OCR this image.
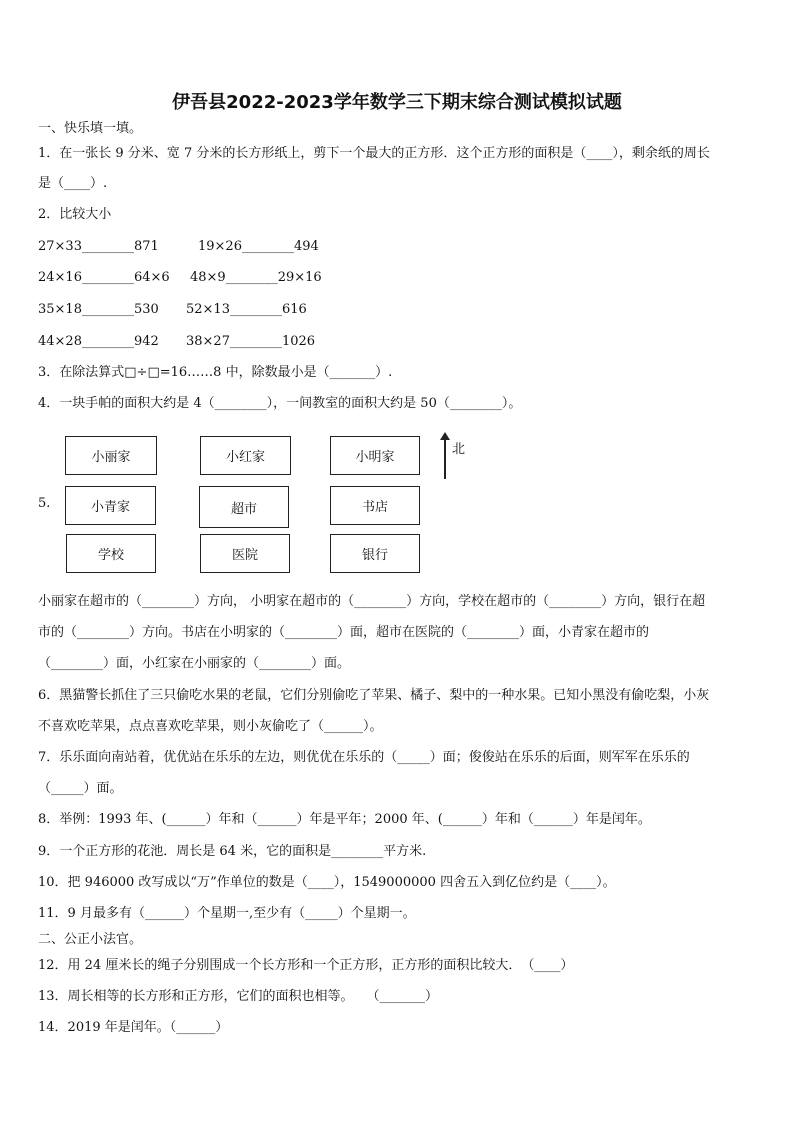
伊吾县2022-2023学年数学三下期末综合测试模拟试题
一、快乐填一填。
1．在一张长 9 分米、宽 7 分米的长方形纸上，剪下一个最大的正方形．这个正方形的面积是（____），剩余纸的周长
是（____）.
2．比较大小
27×33________871	19×26________494
24×16________64×6 48×9________29×16
35×18________530 52×13________616
44×28________942 38×27________1026
3．在除法算式□÷□=16……8 中，除数最小是（_______）.
4．一块手帕的面积大约是 4（________），一间教室的面积大约是 50（________）。
5.
小丽家	小红家	小明家
小青家	超市	书店
学校	医院	银行
北
小丽家在超市的（________）方向， 小明家在超市的（________）方向，学校在超市的（________）方向，银行在超
市的（________）方向。书店在小明家的（________）面，超市在医院的（________）面，小青家在超市的
（________）面，小红家在小丽家的（________）面。
6．黑猫警长抓住了三只偷吃水果的老鼠，它们分别偷吃了苹果、橘子、梨中的一种水果。已知小黑没有偷吃梨，小灰
不喜欢吃苹果，点点喜欢吃苹果，则小灰偷吃了（______）。
7．乐乐面向南站着，优优站在乐乐的左边，则优优在乐乐的（_____）面；俊俊站在乐乐的后面，则军军在乐乐的
（_____）面。
8．举例：1993 年、(______）年和（______）年是平年；2000 年、(______）年和（______）年是闰年。
9．一个正方形的花池．周长是 64 米，它的面积是________平方米.
10．把 946000 改写成以“万”作单位的数是（____），1549000000 四舍五入到亿位约是（____）。
11．9 月最多有（______）个星期一,至少有（_____）个星期一。
二、公正小法官。
12．用 24 厘米长的绳子分别围成一个长方形和一个正方形，正方形的面积比较大．　（____）
13．周长相等的长方形和正方形，它们的面积也相等。　　（_______）
14．2019 年是闰年。（______）
